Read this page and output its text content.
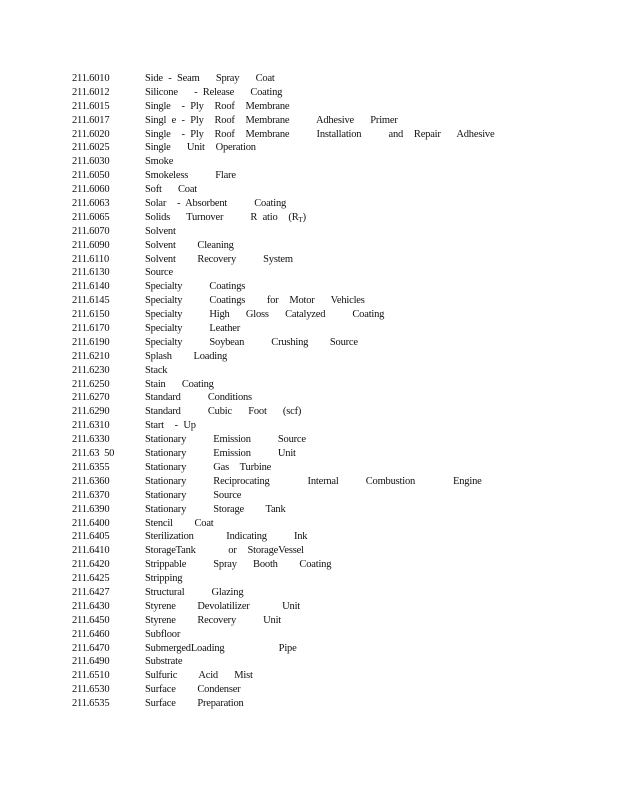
211.6010	Side - Seam   Spray   Coat
211.6012	Silicone   - Release   Coating
211.6015	Single  - Ply  Roof  Membrane
211.6017	Singl e - Ply  Roof  Membrane     Adhesive   Primer
211.6020	Single  - Ply  Roof  Membrane     Installation     and  Repair   Adhesive
211.6025	Single   Unit  Operation
211.6030	Smoke
211.6050	Smokeless     Flare
211.6060	Soft   Coat
211.6063	Solar  - Absorbent     Coating
211.6065	Solids   Turnover     R atio  $(R_T)$
211.6070	Solvent
211.6090	Solvent    Cleaning
211.6110	Solvent    Recovery     System
211.6130	Source
211.6140	Specialty     Coatings
211.6145	Specialty     Coatings    for  Motor   Vehicles
211.6150	Specialty     High   Gloss   Catalyzed     Coating
211.6170	Specialty     Leather
211.6190	Specialty     Soybean     Crushing    Source
211.6210	Splash    Loading
211.6230	Stack
211.6250	Stain   Coating
211.6270	Standard     Conditions
211.6290	Standard     Cubic   Foot   (scf)
211.6310	Start  - Up
211.6330	Stationary     Emission     Source
211.63  50	Stationary     Emission     Unit
211.6355	Stationary     Gas  Turbine
211.6360	Stationary     Reciprocating       Internal     Combustion       Engine
211.6370	Stationary     Source
211.6390	Stationary     Storage    Tank
211.6400	Stencil    Coat
211.6405	Sterilization      Indicating     Ink
211.6410	StorageTank      or  StorageVessel
211.6420	Strippable     Spray   Booth    Coating
211.6425	Stripping
211.6427	Structural     Glazing
211.6430	Styrene    Devolatilizer      Unit
211.6450	Styrene    Recovery     Unit
211.6460	Subfloor
211.6470	SubmergedLoading          Pipe
211.6490	Substrate
211.6510	Sulfuric    Acid   Mist
211.6530	Surface    Condenser
211.6535	Surface    Preparation
